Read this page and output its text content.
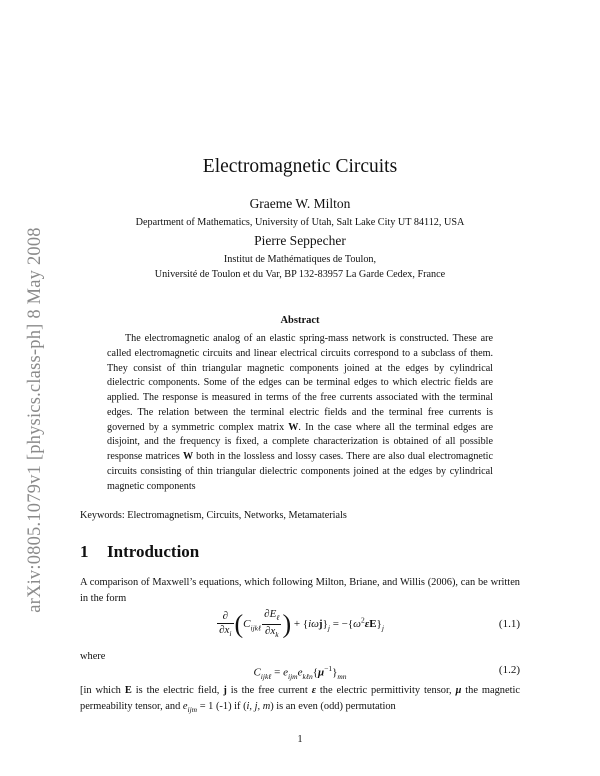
arXiv:0805.1079v1 [physics.class-ph] 8 May 2008
Electromagnetic Circuits
Graeme W. Milton
Department of Mathematics, University of Utah, Salt Lake City UT 84112, USA
Pierre Seppecher
Institut de Mathématiques de Toulon,
Université de Toulon et du Var, BP 132-83957 La Garde Cedex, France
Abstract
The electromagnetic analog of an elastic spring-mass network is constructed. These are called electromagnetic circuits and linear electrical circuits correspond to a subclass of them. They consist of thin triangular magnetic components joined at the edges by cylindrical dielectric components. Some of the edges can be terminal edges to which electric fields are applied. The response is measured in terms of the free currents associated with the terminal edges. The relation between the terminal electric fields and the terminal free currents is governed by a symmetric complex matrix W. In the case where all the terminal edges are disjoint, and the frequency is fixed, a complete characterization is obtained of all possible response matrices W both in the lossless and lossy cases. There are also dual electromagnetic circuits consisting of thin triangular dielectric components joined at the edges by cylindrical magnetic components
Keywords: Electromagnetism, Circuits, Networks, Metamaterials
1 Introduction
A comparison of Maxwell’s equations, which following Milton, Briane, and Willis (2006), can be written in the form
$\frac{\partial}{\partial x_i} (C_{ijk\ell} \frac{\partial E_\ell}{\partial x_k}$ ) + $\{i\omega j\}_j = -\{\omega^2\varepsilon E\}_j$	(1.1)
where
$C_{ijk\ell} = e_{ijm}e_{k\ell n}\{\mu^{-1}\}_{mn}$
(1.2)
[in which E is the electric field, j is the free current ε the electric permittivity tensor, μ the magnetic permeability tensor, and $e_{ijm} = 1$ (-1) if (i, j, m) is an even (odd) permutation
1
